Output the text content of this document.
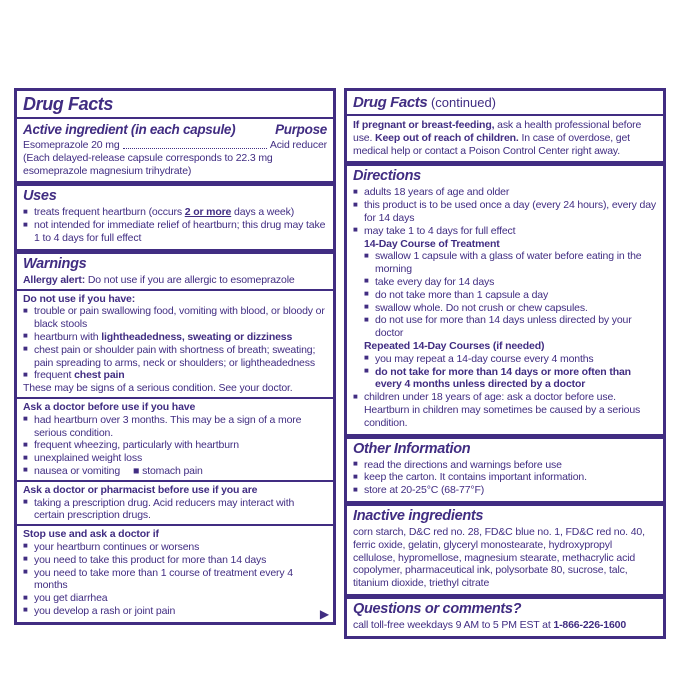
Drug Facts
Active ingredient (in each capsule)	Purpose
Esomeprazole 20 mg	Acid reducer
(Each delayed-release capsule corresponds to 22.3 mg esomeprazole magnesium trihydrate)
Uses
■ treats frequent heartburn (occurs 2 or more days a week)
■ not intended for immediate relief of heartburn; this drug may take 1 to 4 days for full effect
Warnings
Allergy alert: Do not use if you are allergic to esomeprazole
Do not use if you have:
■ trouble or pain swallowing food, vomiting with blood, or bloody or black stools
■ heartburn with lightheadedness, sweating or dizziness
■ chest pain or shoulder pain with shortness of breath; sweating; pain spreading to arms, neck or shoulders; or lightheadedness
■ frequent chest pain
These may be signs of a serious condition. See your doctor.
Ask a doctor before use if you have
■ had heartburn over 3 months. This may be a sign of a more serious condition.
■ frequent wheezing, particularly with heartburn
■ unexplained weight loss
■ nausea or vomiting  ■ stomach pain
Ask a doctor or pharmacist before use if you are
■ taking a prescription drug. Acid reducers may interact with certain prescription drugs.
Stop use and ask a doctor if
■ your heartburn continues or worsens
■ you need to take this product for more than 14 days
■ you need to take more than 1 course of treatment every 4 months
■ you get diarrhea
■ you develop a rash or joint pain	▶
Drug Facts (continued)
If pregnant or breast-feeding, ask a health professional before use. Keep out of reach of children. In case of overdose, get medical help or contact a Poison Control Center right away.
Directions
■ adults 18 years of age and older
■ this product is to be used once a day (every 24 hours), every day for 14 days
■ may take 1 to 4 days for full effect
14-Day Course of Treatment
■ swallow 1 capsule with a glass of water before eating in the morning
■ take every day for 14 days
■ do not take more than 1 capsule a day
■ swallow whole. Do not crush or chew capsules.
■ do not use for more than 14 days unless directed by your doctor
Repeated 14-Day Courses (if needed)
■ you may repeat a 14-day course every 4 months
■ do not take for more than 14 days or more often than every 4 months unless directed by a doctor
■ children under 18 years of age: ask a doctor before use. Heartburn in children may sometimes be caused by a serious condition.
Other Information
■ read the directions and warnings before use
■ keep the carton. It contains important information.
■ store at 20-25°C (68-77°F)
Inactive ingredients
corn starch, D&C red no. 28, FD&C blue no. 1, FD&C red no. 40, ferric oxide, gelatin, glyceryl monostearate, hydroxypropyl cellulose, hypromellose, magnesium stearate, methacrylic acid copolymer, pharmaceutical ink, polysorbate 80, sucrose, talc, titanium dioxide, triethyl citrate
Questions or comments?
call toll-free weekdays 9 AM to 5 PM EST at 1-866-226-1600
